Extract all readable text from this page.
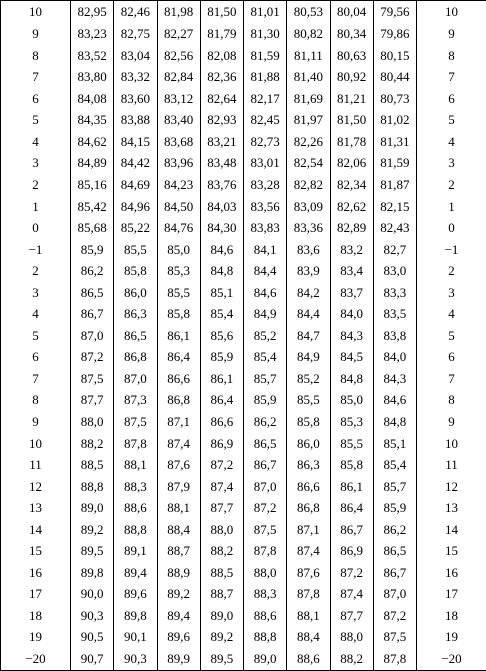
10	82,95	82,46	81,98	81,50	81,01	80,53	80,04	79,56	10
9	83,23	82,75	82,27	81,79	81,30	80,82	80,34	79,86	9
8	83,52	83,04	82,56	82,08	81,59	81,11	80,63	80,15	8
7	83,80	83,32	82,84	82,36	81,88	81,40	80,92	80,44	7
6	84,08	83,60	83,12	82,64	82,17	81,69	81,21	80,73	6
5	84,35	83,88	83,40	82,93	82,45	81,97	81,50	81,02	5
4	84,62	84,15	83,68	83,21	82,73	82,26	81,78	81,31	4
3	84,89	84,42	83,96	83,48	83,01	82,54	82,06	81,59	3
2	85,16	84,69	84,23	83,76	83,28	82,82	82,34	81,87	2
1	85,42	84,96	84,50	84,03	83,56	83,09	82,62	82,15	1
0	85,68	85,22	84,76	84,30	83,83	83,36	82,89	82,43	0
−1	85,9	85,5	85,0	84,6	84,1	83,6	83,2	82,7	−1
2	86,2	85,8	85,3	84,8	84,4	83,9	83,4	83,0	2
3	86,5	86,0	85,5	85,1	84,6	84,2	83,7	83,3	3
4	86,7	86,3	85,8	85,4	84,9	84,4	84,0	83,5	4
5	87,0	86,5	86,1	85,6	85,2	84,7	84,3	83,8	5
6	87,2	86,8	86,4	85,9	85,4	84,9	84,5	84,0	6
7	87,5	87,0	86,6	86,1	85,7	85,2	84,8	84,3	7
8	87,7	87,3	86,8	86,4	85,9	85,5	85,0	84,6	8
9	88,0	87,5	87,1	86,6	86,2	85,8	85,3	84,8	9
10	88,2	87,8	87,4	86,9	86,5	86,0	85,5	85,1	10
11	88,5	88,1	87,6	87,2	86,7	86,3	85,8	85,4	11
12	88,8	88,3	87,9	87,4	87,0	86,6	86,1	85,7	12
13	89,0	88,6	88,1	87,7	87,2	86,8	86,4	85,9	13
14	89,2	88,8	88,4	88,0	87,5	87,1	86,7	86,2	14
15	89,5	89,1	88,7	88,2	87,8	87,4	86,9	86,5	15
16	89,8	89,4	88,9	88,5	88,0	87,6	87,2	86,7	16
17	90,0	89,6	89,2	88,7	88,3	87,8	87,4	87,0	17
18	90,3	89,8	89,4	89,0	88,6	88,1	87,7	87,2	18
19	90,5	90,1	89,6	89,2	88,8	88,4	88,0	87,5	19
−20	90,7	90,3	89,9	89,5	89,0	88,6	88,2	87,8	−20
